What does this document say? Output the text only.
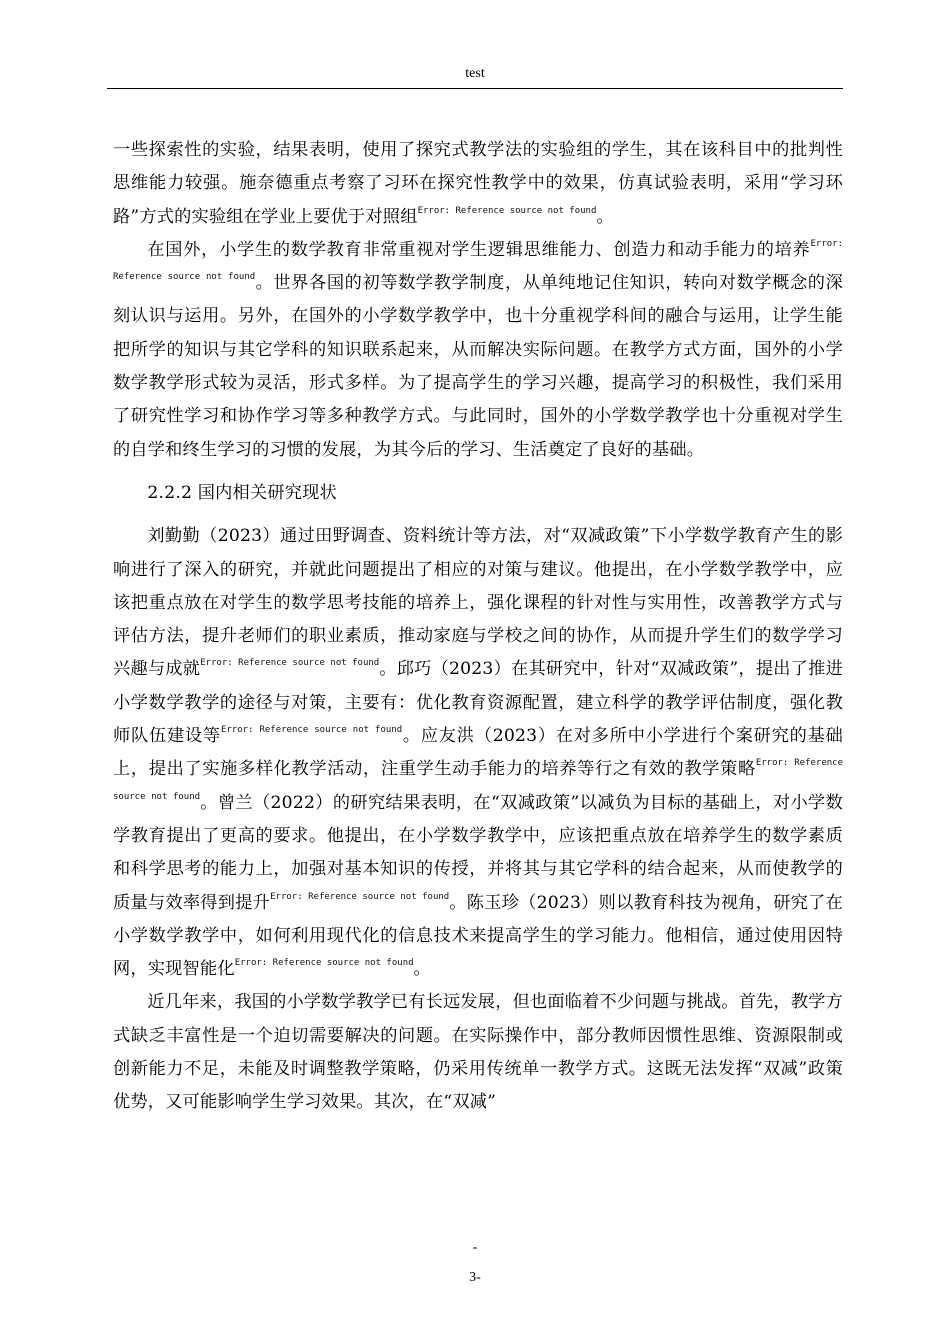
test

一些探索性的实验，结果表明，使用了探究式教学法的实验组的学生，其在该科目中的批判性思维能力较强。施奈德重点考察了习环在探究性教学中的效果，仿真试验表明，采用“学习环路”方式的实验组在学业上要优于对照组$^{Error: Reference source not found}$。

在国外，小学生的数学教育非常重视对学生逻辑思维能力、创造力和动手能力的培养$^{Error: Reference source not found}$。世界各国的初等数学教学制度，从单纯地记住知识，转向对数学概念的深刻认识与运用。另外，在国外的小学数学教学中，也十分重视学科间的融合与运用，让学生能把所学的知识与其它学科的知识联系起来，从而解决实际问题。在教学方式方面，国外的小学数学教学形式较为灵活，形式多样。为了提高学生的学习兴趣，提高学习的积极性，我们采用了研究性学习和协作学习等多种教学方式。与此同时，国外的小学数学教学也十分重视对学生的自学和终生学习的习惯的发展，为其今后的学习、生活奠定了良好的基础。

2.2.2 国内相关研究现状

刘勤勤（2023）通过田野调查、资料统计等方法，对“双减政策”下小学数学教育产生的影响进行了深入的研究，并就此问题提出了相应的对策与建议。他提出，在小学数学教学中，应该把重点放在对学生的数学思考技能的培养上，强化课程的针对性与实用性，改善教学方式与评估方法，提升老师们的职业素质，推动家庭与学校之间的协作，从而提升学生们的数学学习兴趣与成就$^{Error: Reference source not found}$。邱巧（2023）在其研究中，针对“双减政策”，提出了推进小学数学教学的途径与对策，主要有：优化教育资源配置，建立科学的教学评估制度，强化教师队伍建设等$^{Error: Reference source not found}$。应友洪（2023）在对多所中小学进行个案研究的基础上，提出了实施多样化教学活动，注重学生动手能力的培养等行之有效的教学策略$^{Error: Reference source not found}$。曾兰（2022）的研究结果表明，在“双减政策”以减负为目标的基础上，对小学数学教育提出了更高的要求。他提出，在小学数学教学中，应该把重点放在培养学生的数学素质和科学思考的能力上，加强对基本知识的传授，并将其与其它学科的结合起来，从而使教学的质量与效率得到提升$^{Error: Reference source not found}$。陈玉珍（2023）则以教育科技为视角，研究了在小学数学教学中，如何利用现代化的信息技术来提高学生的学习能力。他相信，通过使用因特网，实现智能化$^{Error: Reference source not found}$。

近几年来，我国的小学数学教学已有长远发展，但也面临着不少问题与挑战。首先，教学方式缺乏丰富性是一个迫切需要解决的问题。在实际操作中，部分教师因惯性思维、资源限制或创新能力不足，未能及时调整教学策略，仍采用传统单一教学方式。这既无法发挥“双减”政策优势，又可能影响学生学习效果。其次，在“双减”

-
3-
